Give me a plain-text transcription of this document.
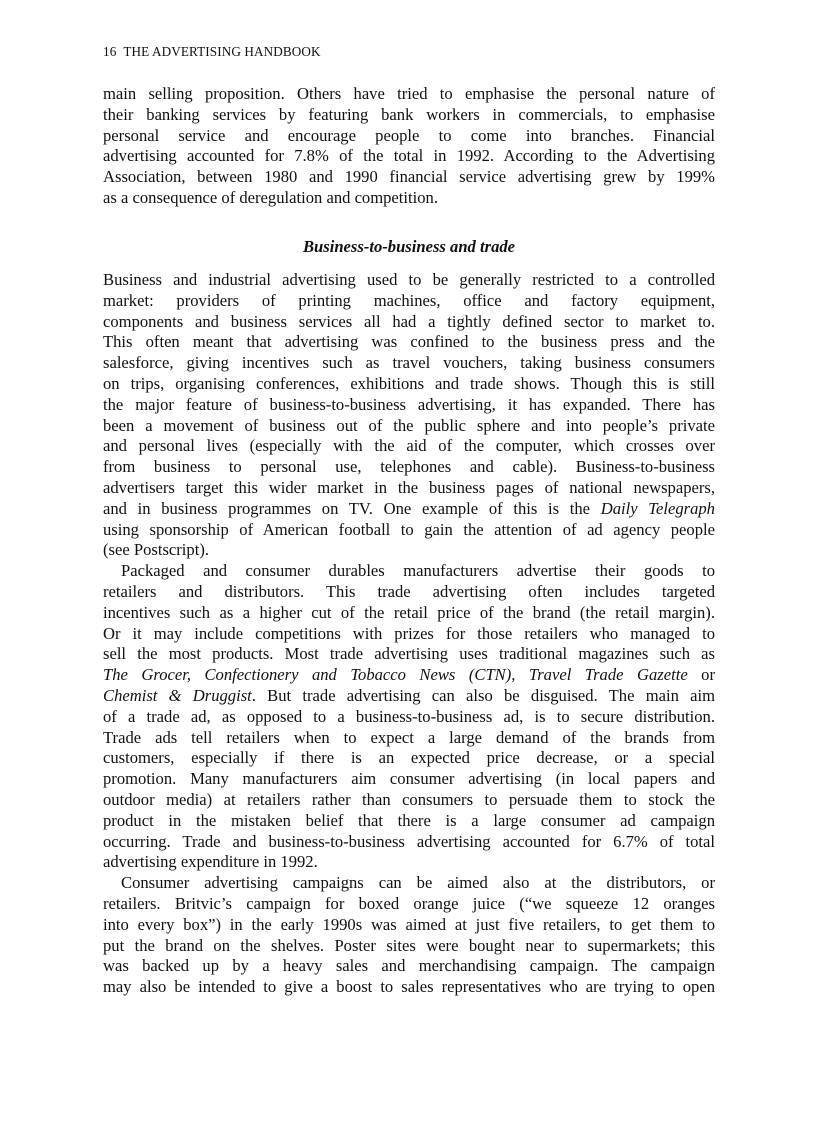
16 THE ADVERTISING HANDBOOK
main selling proposition. Others have tried to emphasise the personal nature of
their banking services by featuring bank workers in commercials, to emphasise
personal service and encourage people to come into branches. Financial
advertising accounted for 7.8% of the total in 1992. According to the Advertising
Association, between 1980 and 1990 financial service advertising grew by 199%
as a consequence of deregulation and competition.
Business-to-business and trade
Business and industrial advertising used to be generally restricted to a controlled
market: providers of printing machines, office and factory equipment,
components and business services all had a tightly defined sector to market to.
This often meant that advertising was confined to the business press and the
salesforce, giving incentives such as travel vouchers, taking business consumers
on trips, organising conferences, exhibitions and trade shows. Though this is still
the major feature of business-to-business advertising, it has expanded. There has
been a movement of business out of the public sphere and into people’s private
and personal lives (especially with the aid of the computer, which crosses over
from business to personal use, telephones and cable). Business-to-business
advertisers target this wider market in the business pages of national newspapers,
and in business programmes on TV. One example of this is the Daily Telegraph
using sponsorship of American football to gain the attention of ad agency people
(see Postscript).
Packaged and consumer durables manufacturers advertise their goods to
retailers and distributors. This trade advertising often includes targeted
incentives such as a higher cut of the retail price of the brand (the retail margin).
Or it may include competitions with prizes for those retailers who managed to
sell the most products. Most trade advertising uses traditional magazines such as
The Grocer, Confectionery and Tobacco News (CTN), Travel Trade Gazette or
Chemist & Druggist. But trade advertising can also be disguised. The main aim
of a trade ad, as opposed to a business-to-business ad, is to secure distribution.
Trade ads tell retailers when to expect a large demand of the brands from
customers, especially if there is an expected price decrease, or a special
promotion. Many manufacturers aim consumer advertising (in local papers and
outdoor media) at retailers rather than consumers to persuade them to stock the
product in the mistaken belief that there is a large consumer ad campaign
occurring. Trade and business-to-business advertising accounted for 6.7% of total
advertising expenditure in 1992.
Consumer advertising campaigns can be aimed also at the distributors, or
retailers. Britvic’s campaign for boxed orange juice (“we squeeze 12 oranges
into every box”) in the early 1990s was aimed at just five retailers, to get them to
put the brand on the shelves. Poster sites were bought near to supermarkets; this
was backed up by a heavy sales and merchandising campaign. The campaign
may also be intended to give a boost to sales representatives who are trying to open
